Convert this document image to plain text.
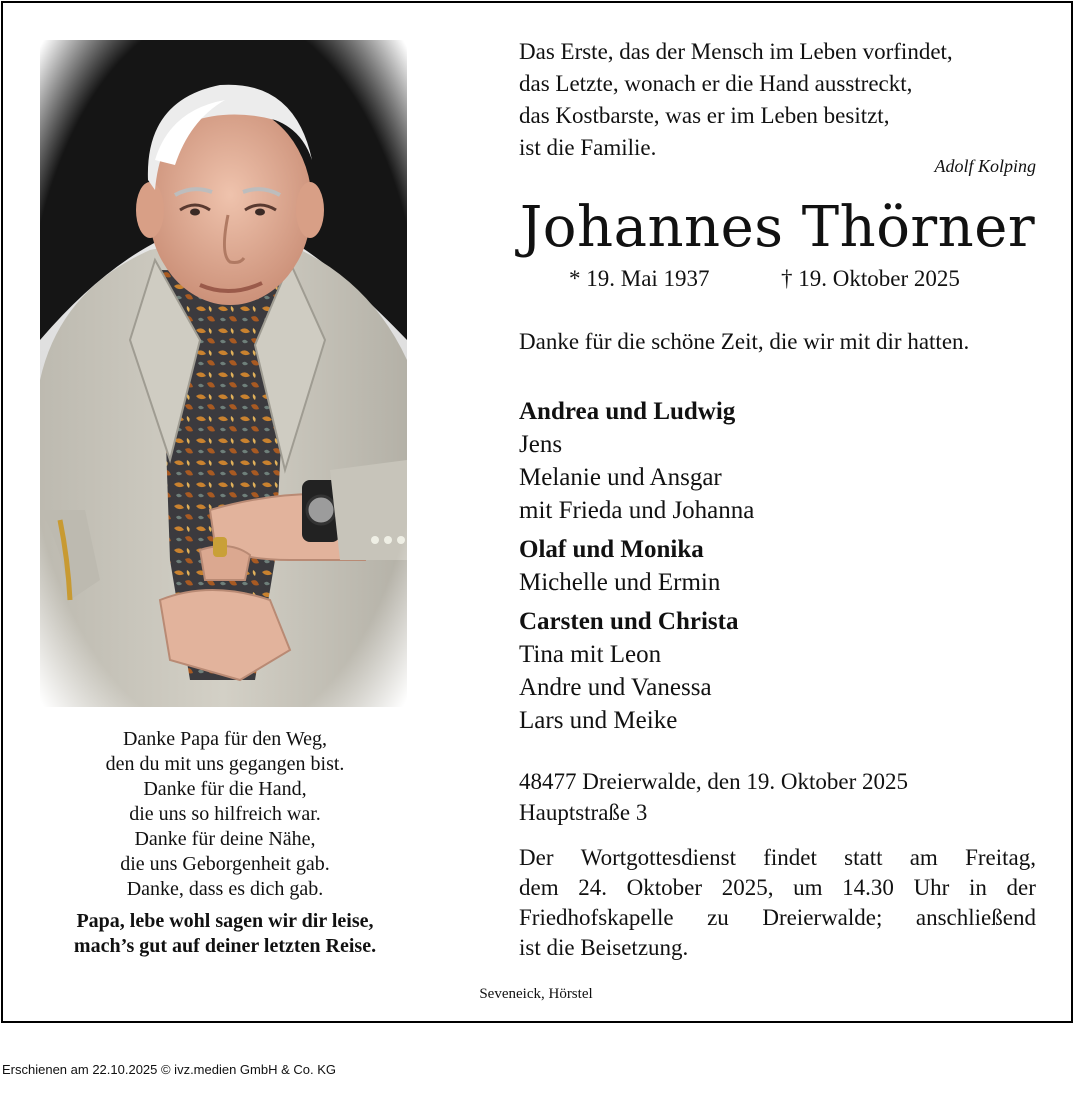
Das Erste, das der Mensch im Leben vorfindet,
das Letzte, wonach er die Hand ausstreckt,
das Kostbarste, was er im Leben besitzt,
ist die Familie.
Adolf Kolping
Johannes Thörner
* 19. Mai 1937	† 19. Oktober 2025
Danke für die schöne Zeit, die wir mit dir hatten.
Andrea und Ludwig
Jens
Melanie und Ansgar
mit Frieda und Johanna
Olaf und Monika
Michelle und Ermin
Carsten und Christa
Tina mit Leon
Andre und Vanessa
Lars und Meike
48477 Dreierwalde, den 19. Oktober 2025
Hauptstraße 3
Der Wortgottesdienst findet statt am Freitag,
dem 24. Oktober 2025, um 14.30 Uhr in der
Friedhofskapelle zu Dreierwalde; anschließend
ist die Beisetzung.
Danke Papa für den Weg,
den du mit uns gegangen bist.
Danke für die Hand,
die uns so hilfreich war.
Danke für deine Nähe,
die uns Geborgenheit gab.
Danke, dass es dich gab.
Papa, lebe wohl sagen wir dir leise,
mach’s gut auf deiner letzten Reise.
Seveneick, Hörstel
Erschienen am 22.10.2025 © ivz.medien GmbH & Co. KG
